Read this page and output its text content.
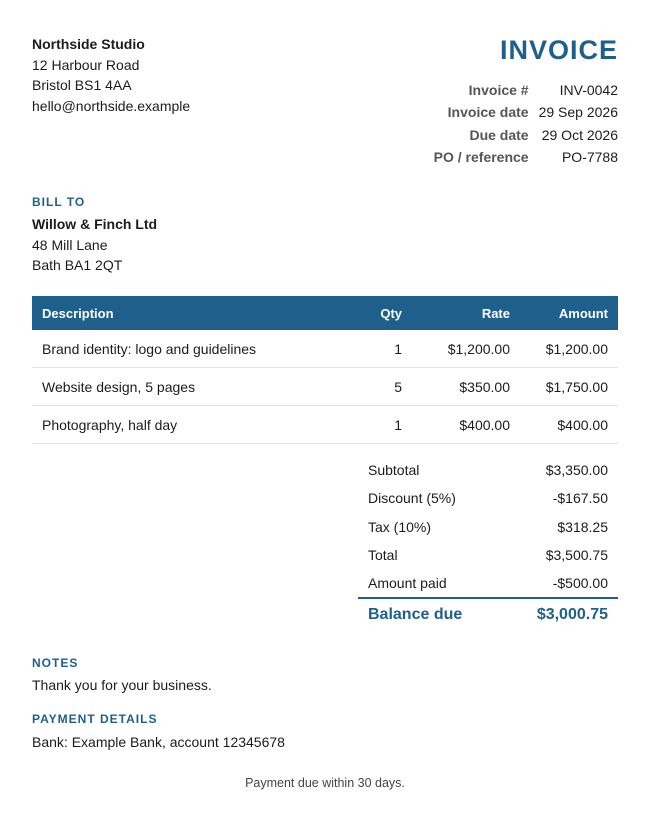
Northside Studio
12 Harbour Road
Bristol BS1 4AA
hello@northside.example
INVOICE
Invoice #	INV-0042
Invoice date	29 Sep 2026
Due date	29 Oct 2026
PO / reference	PO-7788
BILL TO
Willow & Finch Ltd
48 Mill Lane
Bath BA1 2QT
Description	Qty	Rate	Amount
Brand identity: logo and guidelines	1	$1,200.00	$1,200.00
Website design, 5 pages	5	$350.00	$1,750.00
Photography, half day	1	$400.00	$400.00
Subtotal	$3,350.00
Discount (5%)	-$167.50
Tax (10%)	$318.25
Total	$3,500.75
Amount paid	-$500.00
Balance due	$3,000.75
NOTES
Thank you for your business.
PAYMENT DETAILS
Bank: Example Bank, account 12345678
Payment due within 30 days.
